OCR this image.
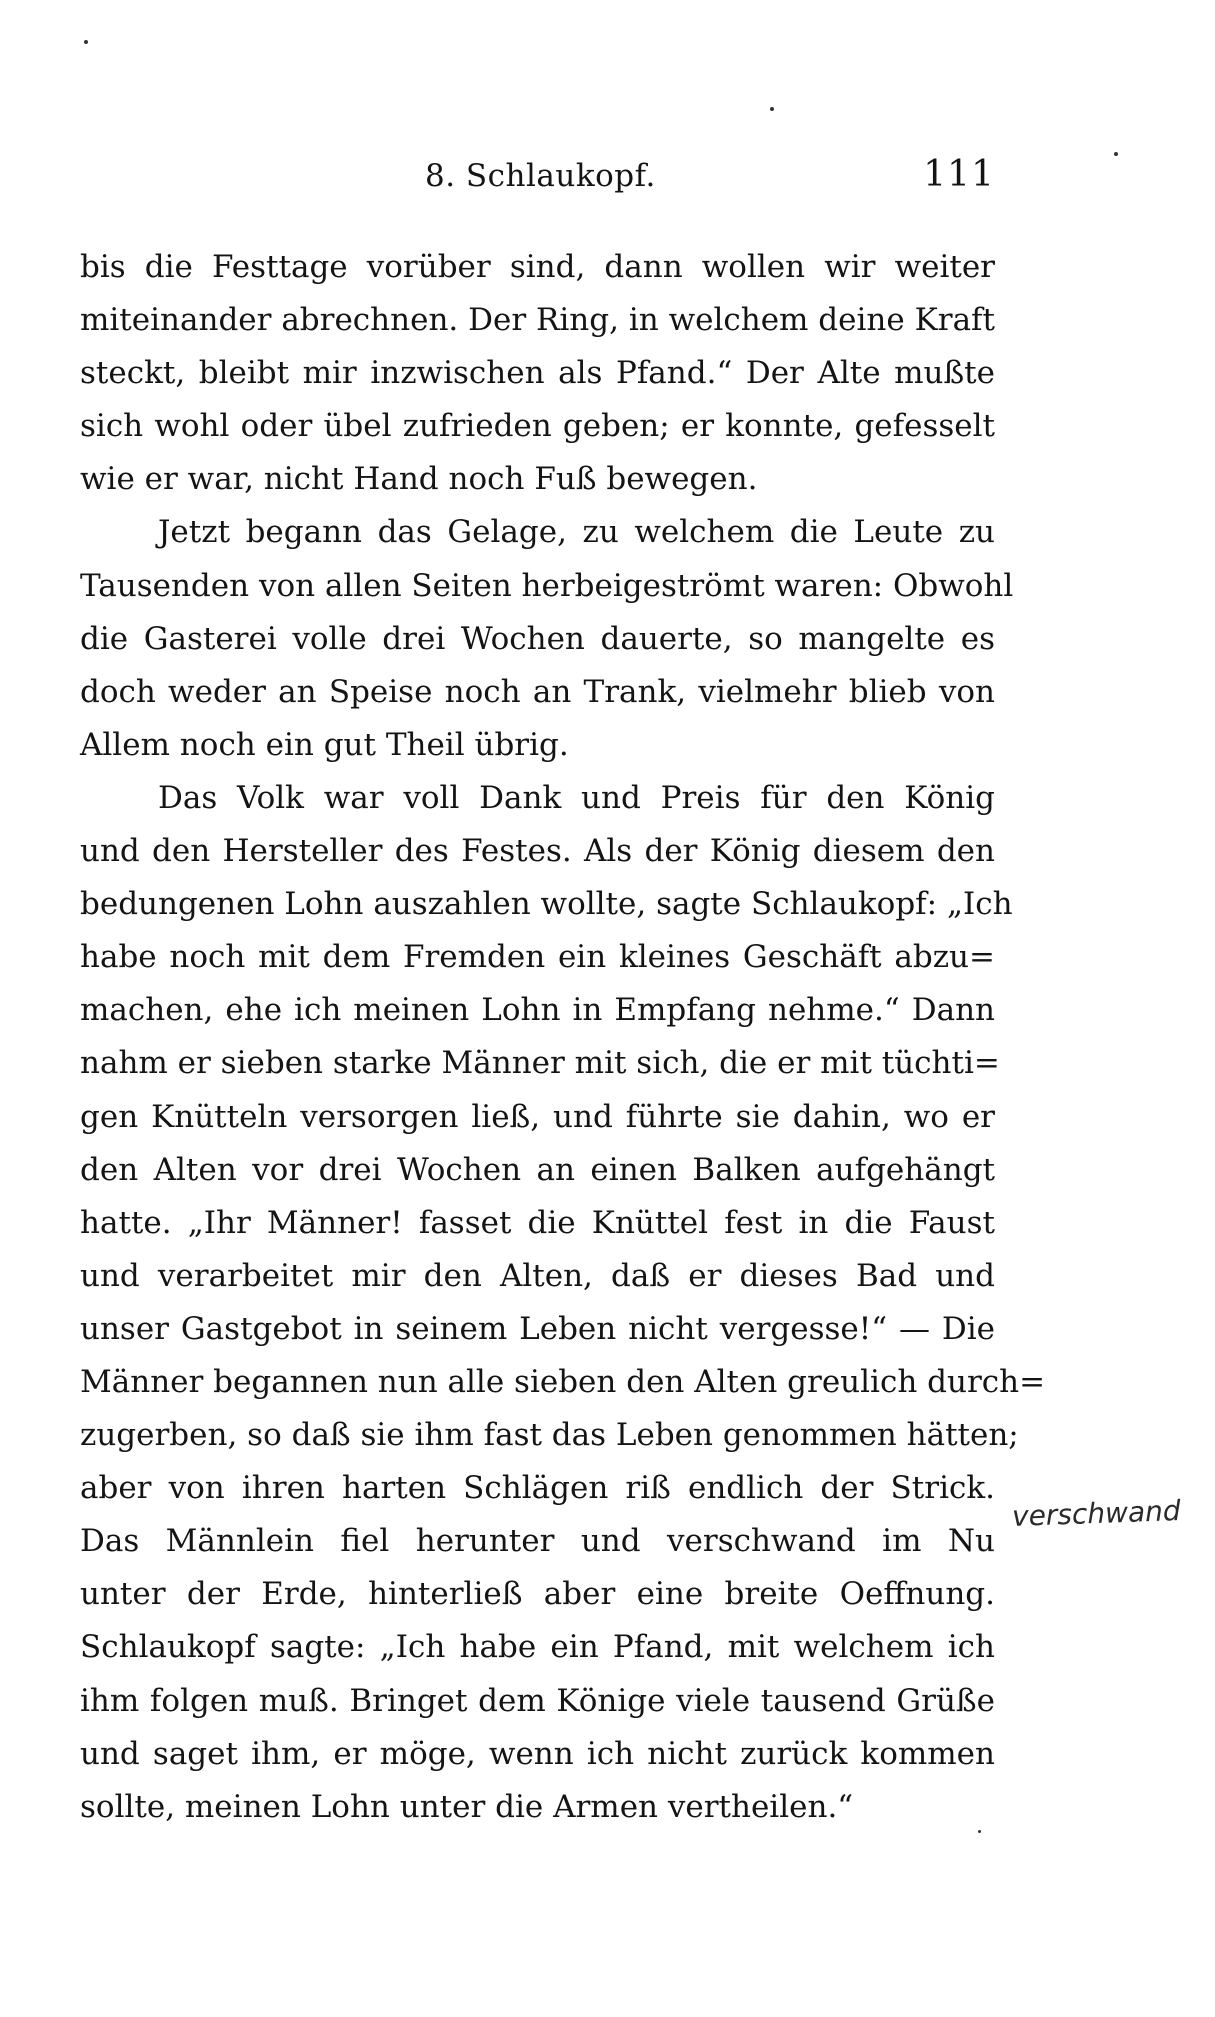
8. Schlaukopf.	111
bis die Festtage vorüber sind, dann wollen wir weiter
miteinander abrechnen. Der Ring, in welchem deine Kraft
steckt, bleibt mir inzwischen als Pfand.“ Der Alte mußte
sich wohl oder übel zufrieden geben; er konnte, gefesselt
wie er war, nicht Hand noch Fuß bewegen.
Jetzt begann das Gelage, zu welchem die Leute zu
Tausenden von allen Seiten herbeigeströmt waren: Obwohl
die Gasterei volle drei Wochen dauerte, so mangelte es
doch weder an Speise noch an Trank, vielmehr blieb von
Allem noch ein gut Theil übrig.
Das Volk war voll Dank und Preis für den König
und den Hersteller des Festes. Als der König diesem den
bedungenen Lohn auszahlen wollte, sagte Schlaukopf: „Ich
habe noch mit dem Fremden ein kleines Geschäft abzu=
machen, ehe ich meinen Lohn in Empfang nehme.“ Dann
nahm er sieben starke Männer mit sich, die er mit tüchti=
gen Knütteln versorgen ließ, und führte sie dahin, wo er
den Alten vor drei Wochen an einen Balken aufgehängt
hatte. „Ihr Männer! fasset die Knüttel fest in die Faust
und verarbeitet mir den Alten, daß er dieses Bad und
unser Gastgebot in seinem Leben nicht vergesse!“ — Die
Männer begannen nun alle sieben den Alten greulich durch=
zugerben, so daß sie ihm fast das Leben genommen hätten;
aber von ihren harten Schlägen riß endlich der Strick.
Das Männlein fiel herunter und verschwand im Nu
unter der Erde, hinterließ aber eine breite Oeffnung.
Schlaukopf sagte: „Ich habe ein Pfand, mit welchem ich
ihm folgen muß. Bringet dem Könige viele tausend Grüße
und saget ihm, er möge, wenn ich nicht zurück kommen
sollte, meinen Lohn unter die Armen vertheilen.“
verschwand
